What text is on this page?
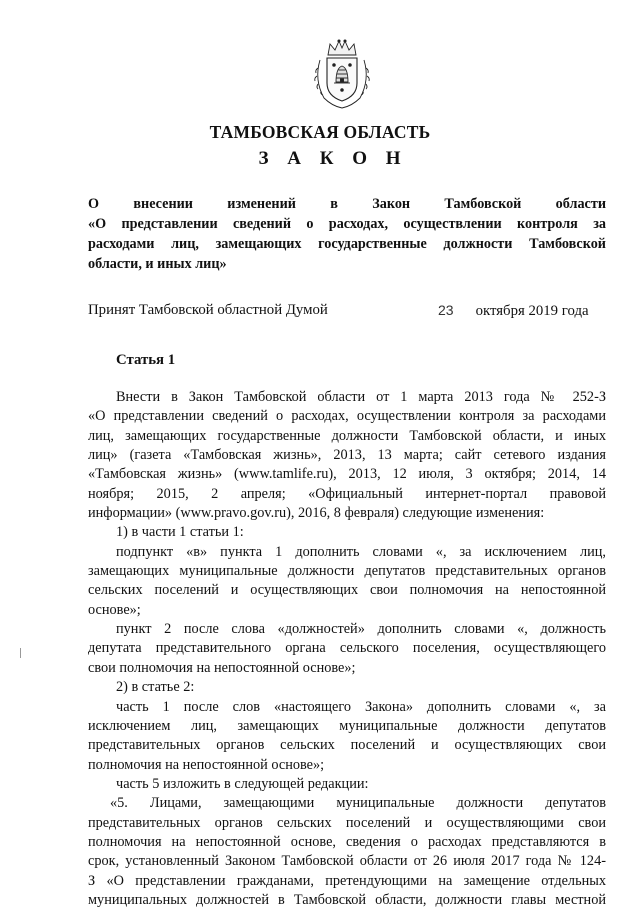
ТАМБОВСКАЯ ОБЛАСТЬ
З А К О Н
О внесении изменений в Закон Тамбовской области
«О представлении сведений о расходах, осуществлении контроля за
расходами лиц, замещающих государственные должности Тамбовской
области, и иных лиц»
Принят Тамбовской областной Думой	23 октября 2019 года
Статья 1
Внести в Закон Тамбовской области от 1 марта 2013 года № 252-З
«О представлении сведений о расходах, осуществлении контроля за расходами
лиц, замещающих государственные должности Тамбовской области, и иных
лиц» (газета «Тамбовская жизнь», 2013, 13 марта; сайт сетевого издания
«Тамбовская жизнь» (www.tamlife.ru), 2013, 12 июля, 3 октября; 2014, 14
ноября; 2015, 2 апреля; «Официальный интернет-портал правовой
информации» (www.pravo.gov.ru), 2016, 8 февраля) следующие изменения:
1) в части 1 статьи 1:
подпункт «в» пункта 1 дополнить словами «, за исключением лиц,
замещающих муниципальные должности депутатов представительных органов
сельских поселений и осуществляющих свои полномочия на непостоянной
основе»;
пункт 2 после слова «должностей» дополнить словами «, должность
депутата представительного органа сельского поселения, осуществляющего
свои полномочия на непостоянной основе»;
2) в статье 2:
часть 1 после слов «настоящего Закона» дополнить словами «, за
исключением лиц, замещающих муниципальные должности депутатов
представительных органов сельских поселений и осуществляющих свои
полномочия на непостоянной основе»;
часть 5 изложить в следующей редакции:
«5. Лицами, замещающими муниципальные должности депутатов
представительных органов сельских поселений и осуществляющими свои
полномочия на непостоянной основе, сведения о расходах представляются в
срок, установленный Законом Тамбовской области от 26 июля 2017 года № 124-
З «О представлении гражданами, претендующими на замещение отдельных
муниципальных должностей в Тамбовской области, должности главы местной
